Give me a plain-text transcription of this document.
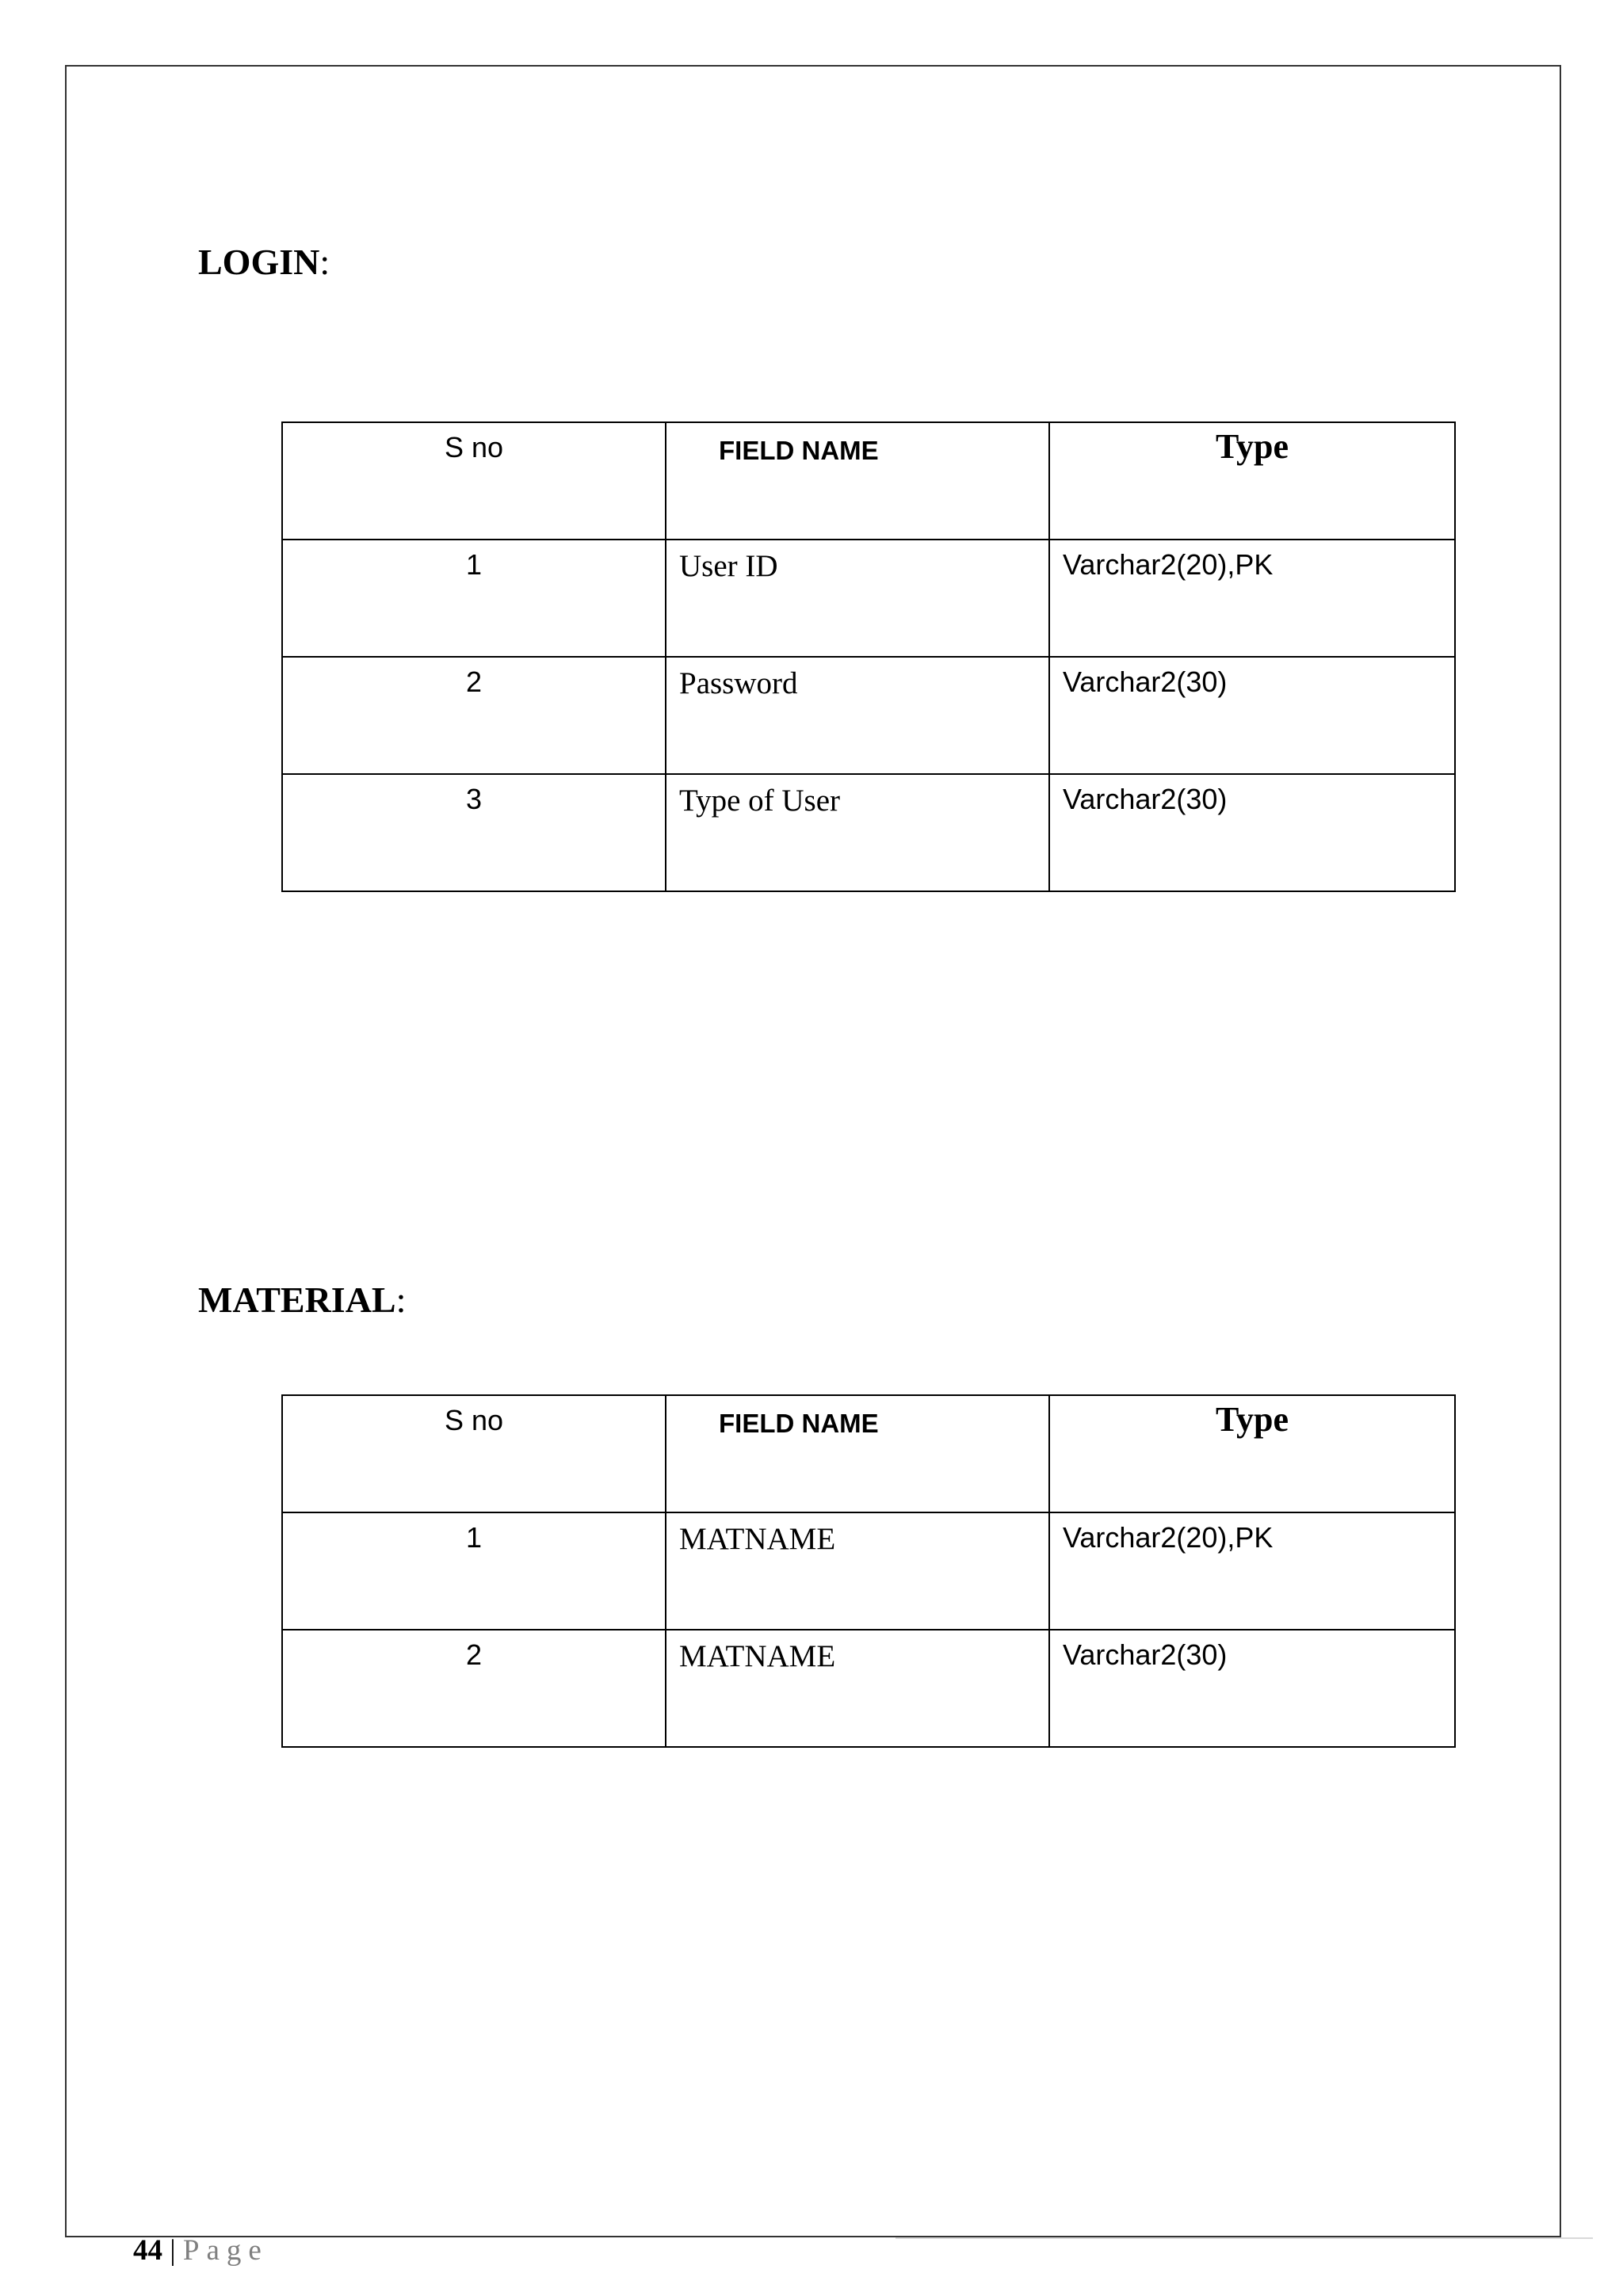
LOGIN:
S no	FIELD NAME	Type
1	User ID	Varchar2(20),PK
2	Password	Varchar2(30)
3	Type of User	Varchar2(30)
MATERIAL:
S no	FIELD NAME	Type
1	MATNAME	Varchar2(20),PK
2	MATNAME	Varchar2(30)
44 | Page
